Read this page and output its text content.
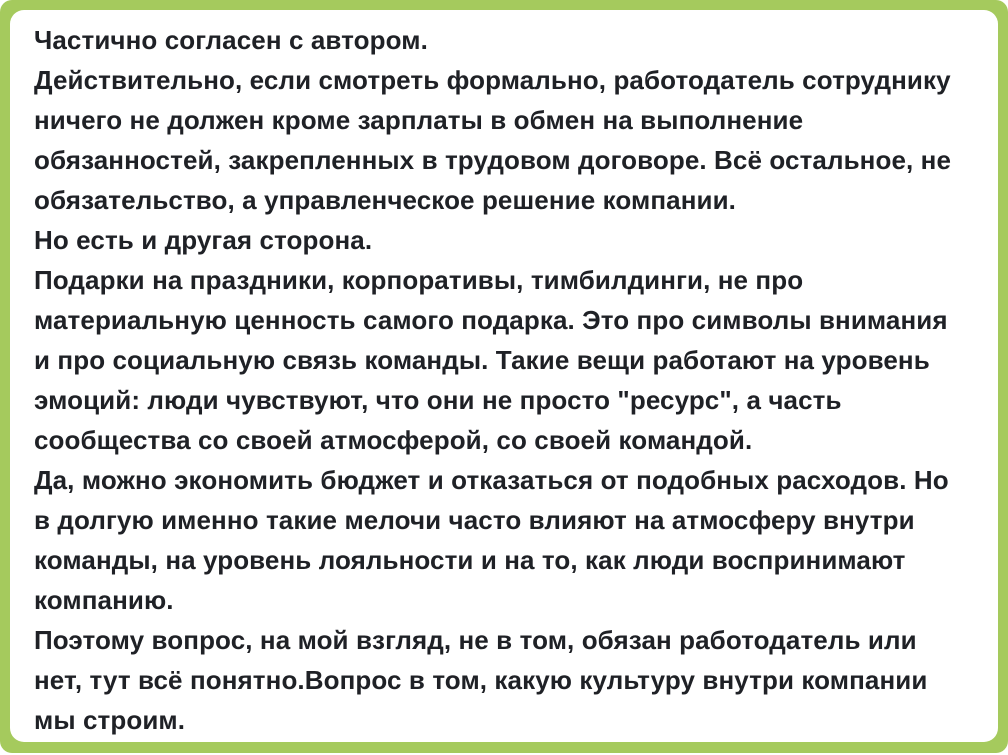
Частично согласен с автором.
Действительно, если смотреть формально, работодатель сотруднику
ничего не должен кроме зарплаты в обмен на выполнение
обязанностей, закрепленных в трудовом договоре. Всё остальное, не
обязательство, а управленческое решение компании.
Но есть и другая сторона.
Подарки на праздники, корпоративы, тимбилдинги, не про
материальную ценность самого подарка. Это про символы внимания
и про социальную связь команды. Такие вещи работают на уровень
эмоций: люди чувствуют, что они не просто "ресурс", а часть
сообщества со своей атмосферой, со своей командой.
Да, можно экономить бюджет и отказаться от подобных расходов. Но
в долгую именно такие мелочи часто влияют на атмосферу внутри
команды, на уровень лояльности и на то, как люди воспринимают
компанию.
Поэтому вопрос, на мой взгляд, не в том, обязан работодатель или
нет, тут всё понятно.Вопрос в том, какую культуру внутри компании
мы строим.
